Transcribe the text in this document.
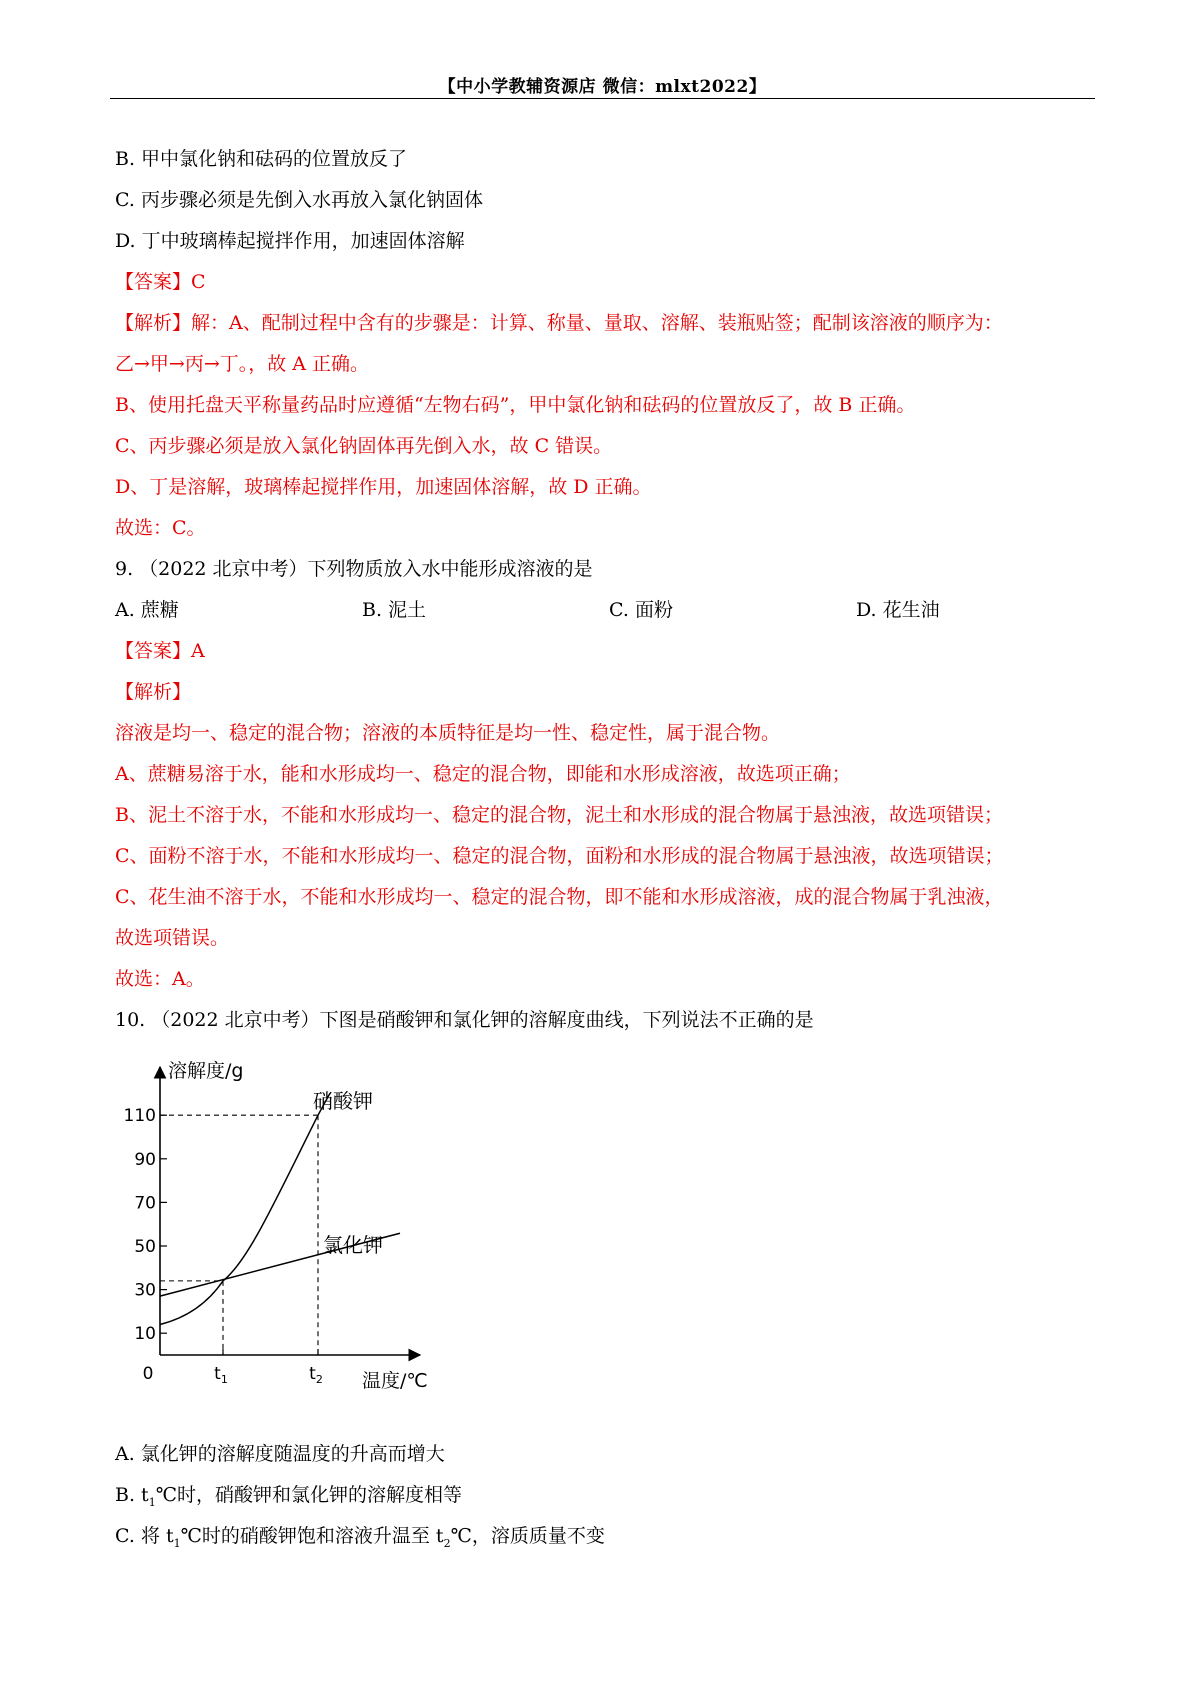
【中小学教辅资源店 微信：mlxt2022】
B. 甲中氯化钠和砝码的位置放反了
C. 丙步骤必须是先倒入水再放入氯化钠固体
D. 丁中玻璃棒起搅拌作用，加速固体溶解
【答案】C
【解析】解：A、配制过程中含有的步骤是：计算、称量、量取、溶解、装瓶贴签；配制该溶液的顺序为：
乙→甲→丙→丁。，故 A 正确。
B、使用托盘天平称量药品时应遵循“左物右码”，甲中氯化钠和砝码的位置放反了，故 B 正确。
C、丙步骤必须是放入氯化钠固体再先倒入水，故 C 错误。
D、丁是溶解，玻璃棒起搅拌作用，加速固体溶解，故 D 正确。
故选：C。
9. （2022 北京中考）下列物质放入水中能形成溶液的是
A. 蔗糖	B. 泥土	C. 面粉	D. 花生油
【答案】A
【解析】
溶液是均一、稳定的混合物；溶液的本质特征是均一性、稳定性，属于混合物。
A、蔗糖易溶于水，能和水形成均一、稳定的混合物，即能和水形成溶液，故选项正确；
B、泥土不溶于水，不能和水形成均一、稳定的混合物，泥土和水形成的混合物属于悬浊液，故选项错误；
C、面粉不溶于水，不能和水形成均一、稳定的混合物，面粉和水形成的混合物属于悬浊液，故选项错误；
C、花生油不溶于水，不能和水形成均一、稳定的混合物，即不能和水形成溶液，成的混合物属于乳浊液，
故选项错误。
故选：A。
10. （2022 北京中考）下图是硝酸钾和氯化钾的溶解度曲线，下列说法不正确的是
10
30
50
70
90
110
0	$t_1$	$t_2$
溶解度/g
温度/℃
硝酸钾
氯化钾
A. 氯化钾的溶解度随温度的升高而增大
B. $t_1℃$时，硝酸钾和氯化钾的溶解度相等
C. 将 $t_1℃$时的硝酸钾饱和溶液升温至 $t_2℃$，溶质质量不变
